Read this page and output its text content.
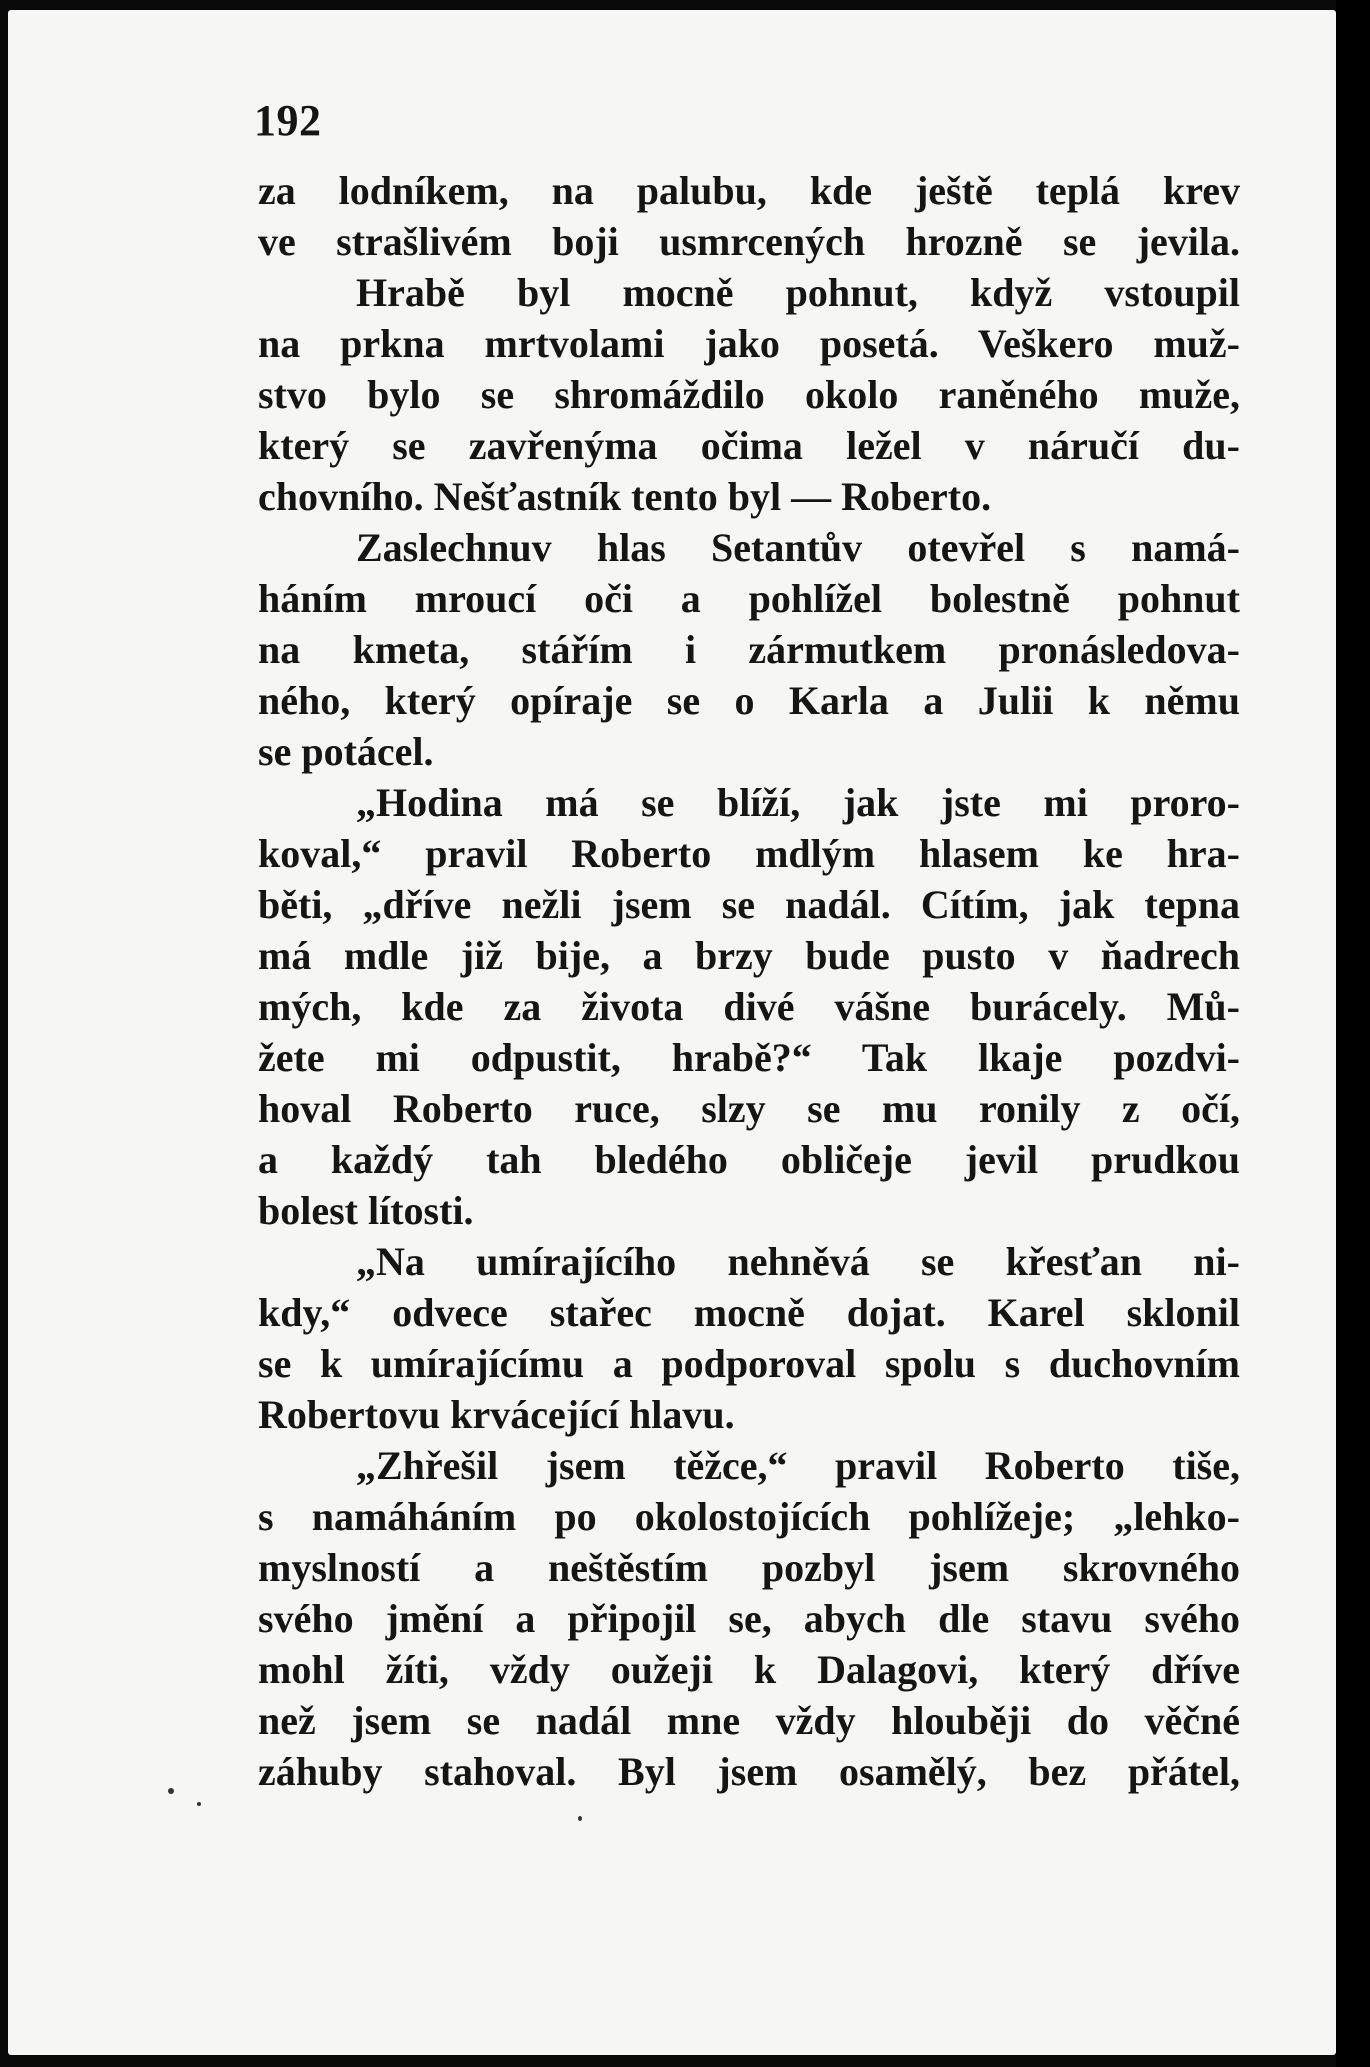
192
za lodníkem, na palubu, kde ještě teplá krev
ve strašlivém boji usmrcených hrozně se jevila.
Hrabě byl mocně pohnut, když vstoupil
na prkna mrtvolami jako posetá. Veškero muž-
stvo bylo se shromáždilo okolo raněného muže,
který se zavřenýma očima ležel v náručí du-
chovního. Nešťastník tento byl — Roberto.
Zaslechnuv hlas Setantův otevřel s namá-
háním mroucí oči a pohlížel bolestně pohnut
na kmeta, stářím i zármutkem pronásledova-
ného, který opíraje se o Karla a Julii k němu
se potácel.
„Hodina má se blíží, jak jste mi proro-
koval,“ pravil Roberto mdlým hlasem ke hra-
běti, „dříve nežli jsem se nadál. Cítím, jak tepna
má mdle již bije, a brzy bude pusto v ňadrech
mých, kde za života divé vášne burácely. Mů-
žete mi odpustit, hrabě?“ Tak lkaje pozdvi-
hoval Roberto ruce, slzy se mu ronily z očí,
a každý tah bledého obličeje jevil prudkou
bolest lítosti.
„Na umírajícího nehněvá se křesťan ni-
kdy,“ odvece stařec mocně dojat. Karel sklonil
se k umírajícímu a podporoval spolu s duchovním
Robertovu krvácející hlavu.
„Zhřešil jsem těžce,“ pravil Roberto tiše,
s namáháním po okolostojících pohlížeje; „lehko-
myslností a neštěstím pozbyl jsem skrovného
svého jmění a připojil se, abych dle stavu svého
mohl žíti, vždy oužeji k Dalagovi, který dříve
než jsem se nadál mne vždy hlouběji do věčné
záhuby stahoval. Byl jsem osamělý, bez přátel,
